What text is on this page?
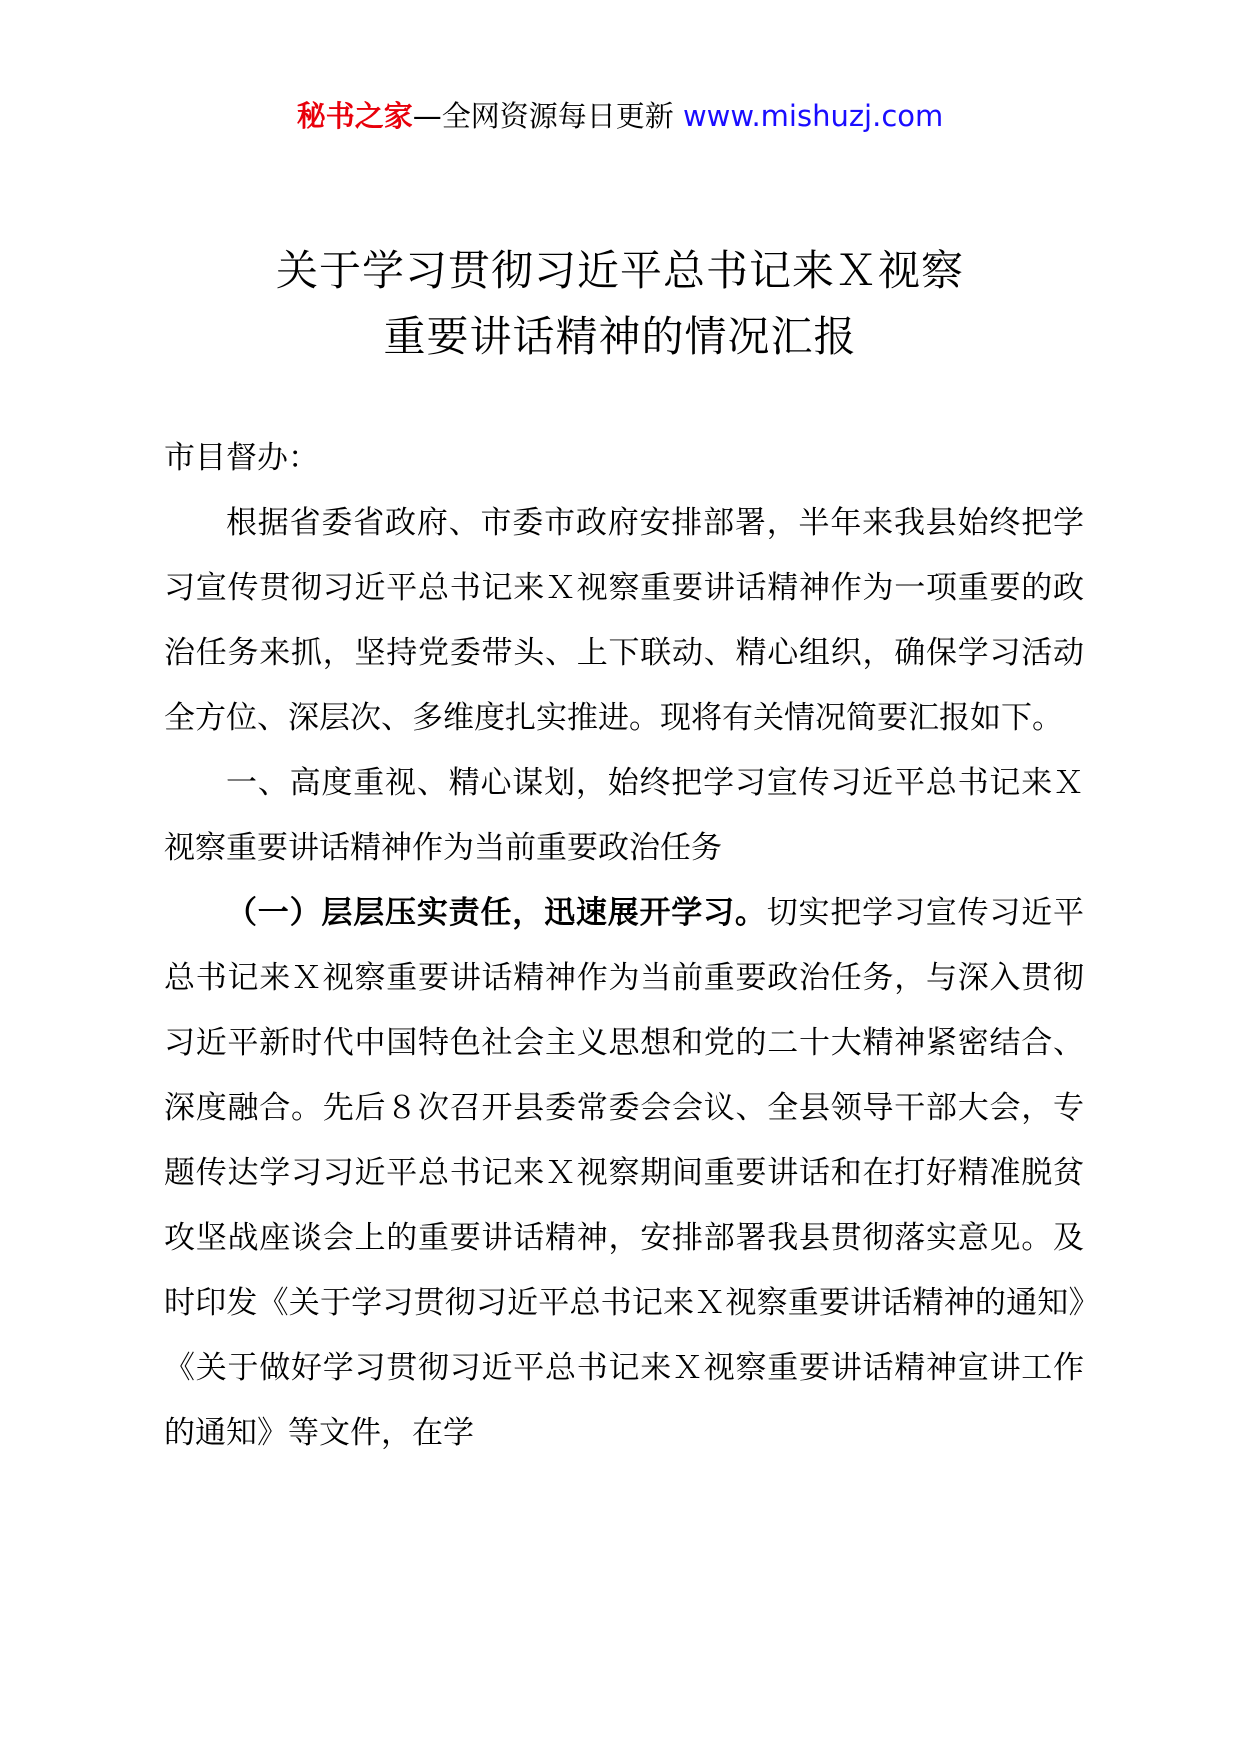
秘书之家—全网资源每日更新 www.mishuzj.com
关于学习贯彻习近平总书记来Ｘ视察
重要讲话精神的情况汇报

市目督办：

根据省委省政府、市委市政府安排部署，半年来我县始终把学习宣传贯彻习近平总书记来Ｘ视察重要讲话精神作为一项重要的政治任务来抓，坚持党委带头、上下联动、精心组织，确保学习活动全方位、深层次、多维度扎实推进。现将有关情况简要汇报如下。

一、高度重视、精心谋划，始终把学习宣传习近平总书记来Ｘ视察重要讲话精神作为当前重要政治任务

（一）层层压实责任，迅速展开学习。切实把学习宣传习近平总书记来Ｘ视察重要讲话精神作为当前重要政治任务，与深入贯彻习近平新时代中国特色社会主义思想和党的二十大精神紧密结合、深度融合。先后８次召开县委常委会会议、全县领导干部大会，专题传达学习习近平总书记来Ｘ视察期间重要讲话和在打好精准脱贫攻坚战座谈会上的重要讲话精神，安排部署我县贯彻落实意见。及时印发《关于学习贯彻习近平总书记来Ｘ视察重要讲话精神的通知》《关于做好学习贯彻习近平总书记来Ｘ视察重要讲话精神宣讲工作的通知》等文件，在学
